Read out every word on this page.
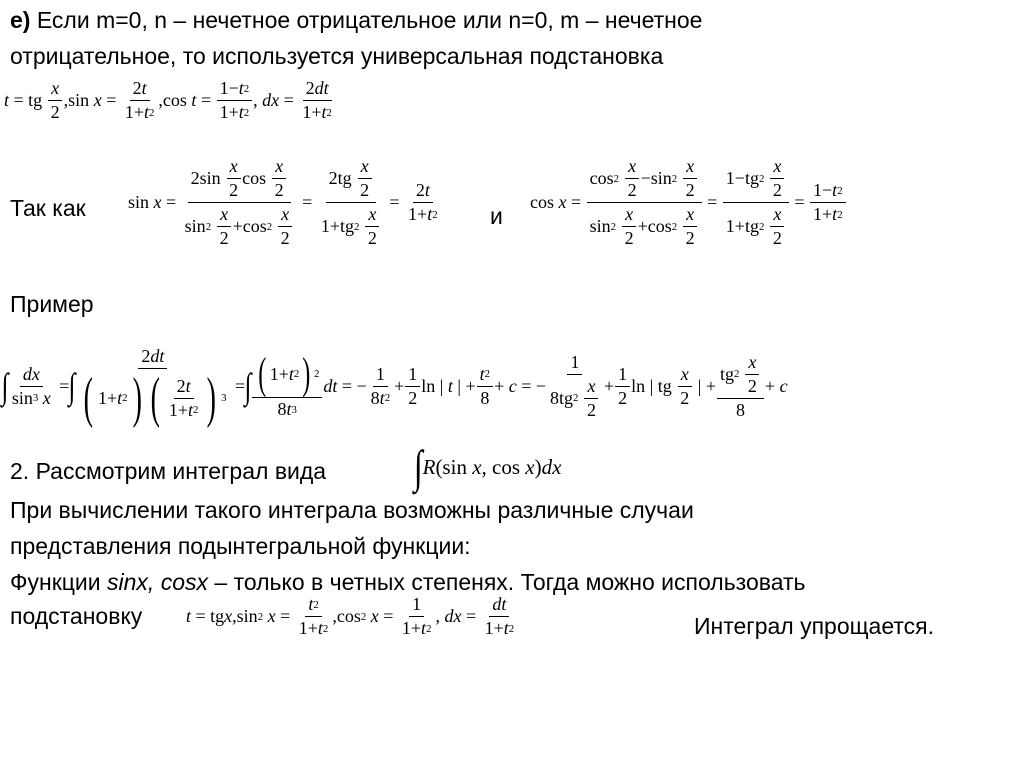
е) Если m=0, n – нечетное отрицательное или n=0, m – нечетное
отрицательное, то используется универсальная подстановка
t = tg $\frac{x}{2} ,\sin$ $x = \frac{2 t}{1+ t 2} ,\cos$ $t = \frac{1- t 2}{1+ t 2}$ , dx = $\frac{2 dt}{1+ t 2}$
Так как $\sin x = 2\sin \frac{x}{2}$ $\cos \frac{x}{2}$
sin 2
$\frac{x}{2} +\cos$ 2
$\frac{x}{2} = 2tg \frac{x}{2}$
1+tg 2
$\frac{x}{2} = \frac{2 t}{1+ t 2}$ и
cos x = cos 2
$\frac{x}{2} -\sin$ 2
$\frac{x}{2}$
sin 2
$\frac{x}{2} +\cos$ 2
$\frac{x}{2} = 1-tg$ 2
$\frac{x}{2}$
1+tg 2
$\frac{x}{2} = \frac{1- t 2}{1+ t 2}$
Пример
∫ dx
sin 3
x = ∫ $\frac{2 dt}{( 1+ t 2 ) ( \frac{2 t}{1+ t 2} ) 3}$ = ∫ $\frac{( 1+ t 2 ) 2}{8 t 3}$ dt = − $\frac{1}{8 t 2} + \frac{1}{2}$ ln | t | + $\frac{t 2}{8} + c$ = − 1
8tg 2
$\frac{x}{2} + \frac{1}{2}$ ln | tg $\frac{x}{2}$ | + tg 2
$\frac{x}{2}$
8 + c
2. Рассмотрим интеграл вида ∫ R (sin x , cos x ) dx
При вычислении такого интеграла возможны различные случаи
представления подынтегральной функции:
Функции sinx, cosx – только в четных степенях. Тогда можно использовать
подстановку t = tg x ,sin 2
$x = \frac{t 2}{1+ t 2} ,\cos$ 2
$x = \frac{1}{1+ t 2}$ , dx = $\frac{dt}{1+ t 2}$	Интеграл упрощается.
